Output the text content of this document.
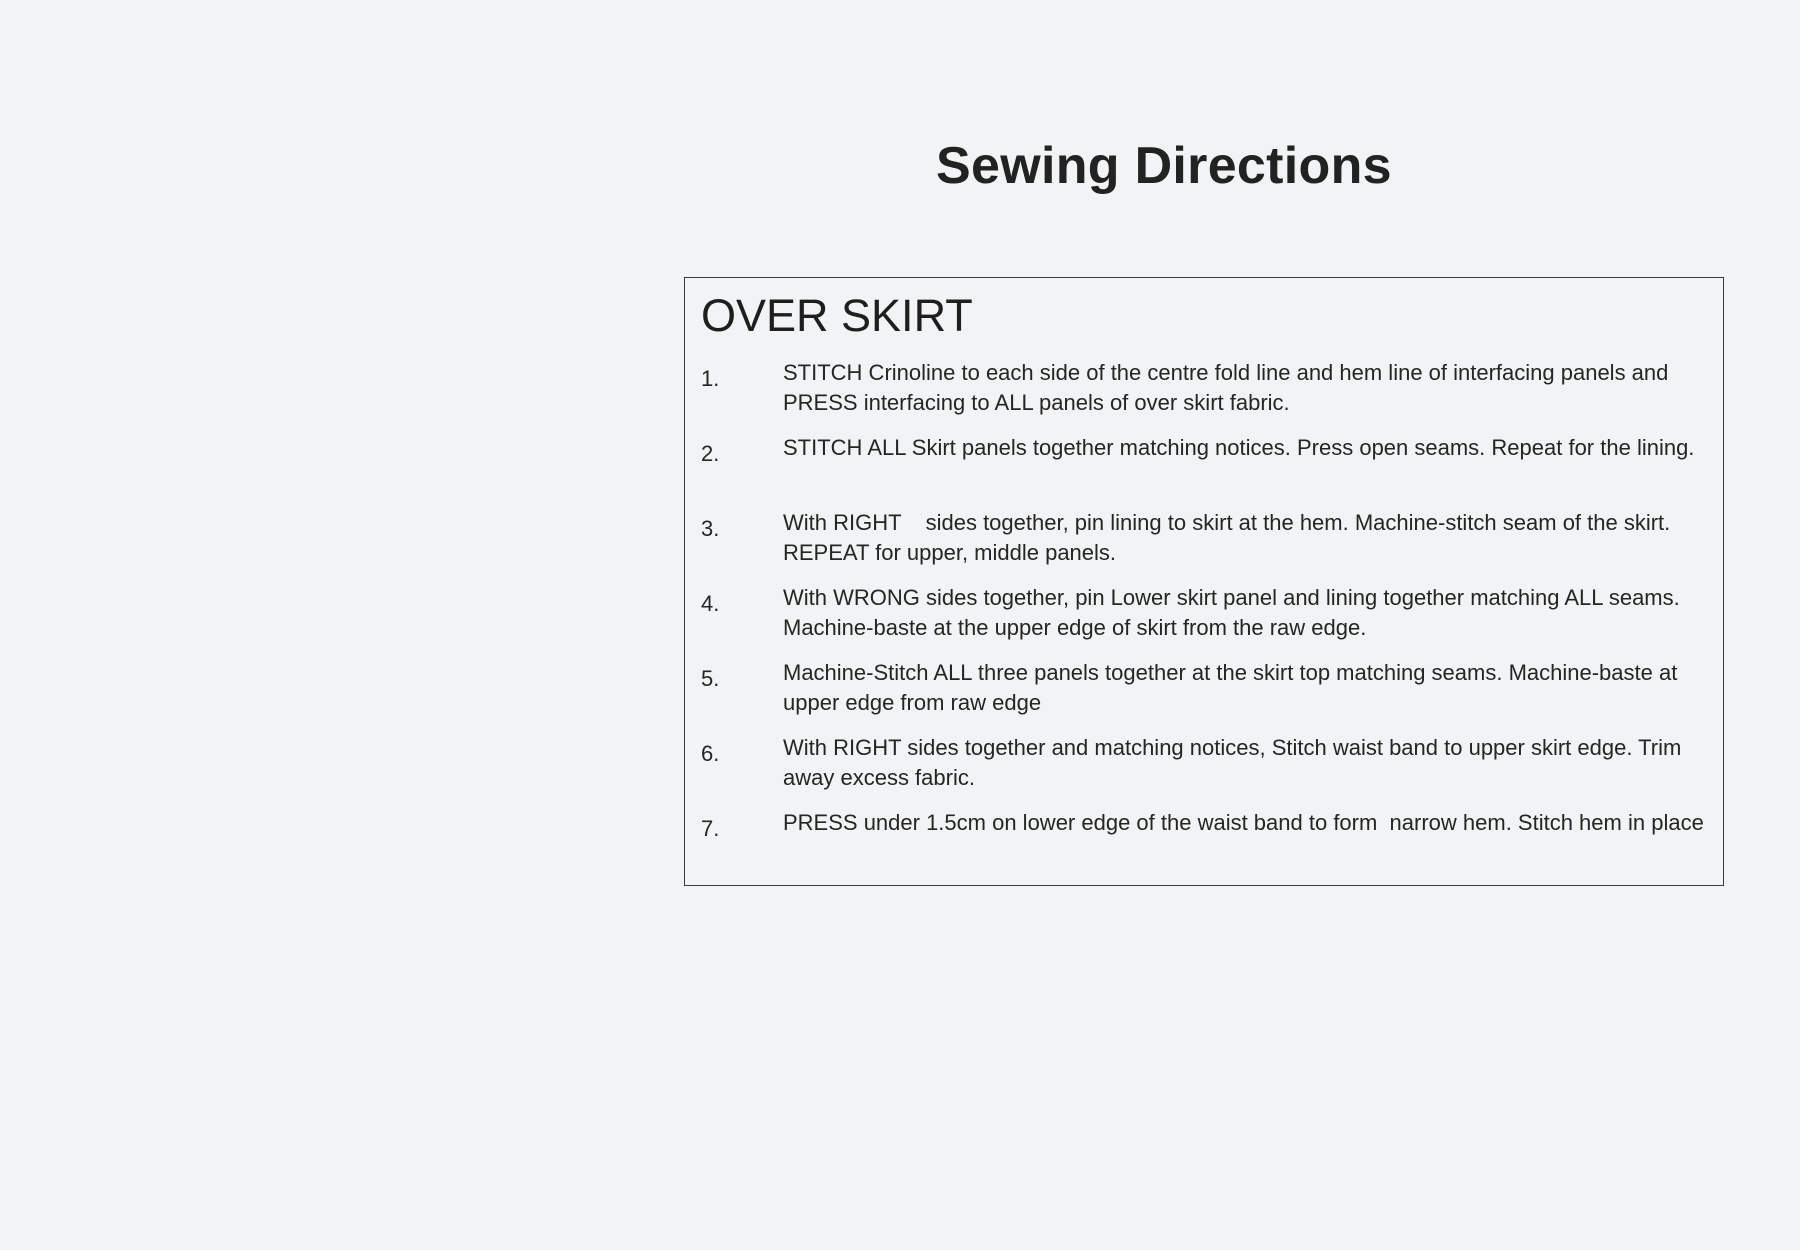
Sewing Directions
OVER SKIRT
1.	STITCH Crinoline to each side of the centre fold line and hem line of interfacing panels and PRESS interfacing to ALL panels of over skirt fabric.
2.	STITCH ALL Skirt panels together matching notices. Press open seams. Repeat for the lining.
3.	With RIGHT    sides together, pin lining to skirt at the hem. Machine-stitch seam of the skirt. REPEAT for upper, middle panels.
4.	With WRONG sides together, pin Lower skirt panel and lining together matching ALL seams. Machine-baste at the upper edge of skirt from the raw edge.
5.	Machine-Stitch ALL three panels together at the skirt top matching seams. Machine-baste at upper edge from raw edge
6.	With RIGHT sides together and matching notices, Stitch waist band to upper skirt edge. Trim away excess fabric.
7.	PRESS under 1.5cm on lower edge of the waist band to form  narrow hem. Stitch hem in place
